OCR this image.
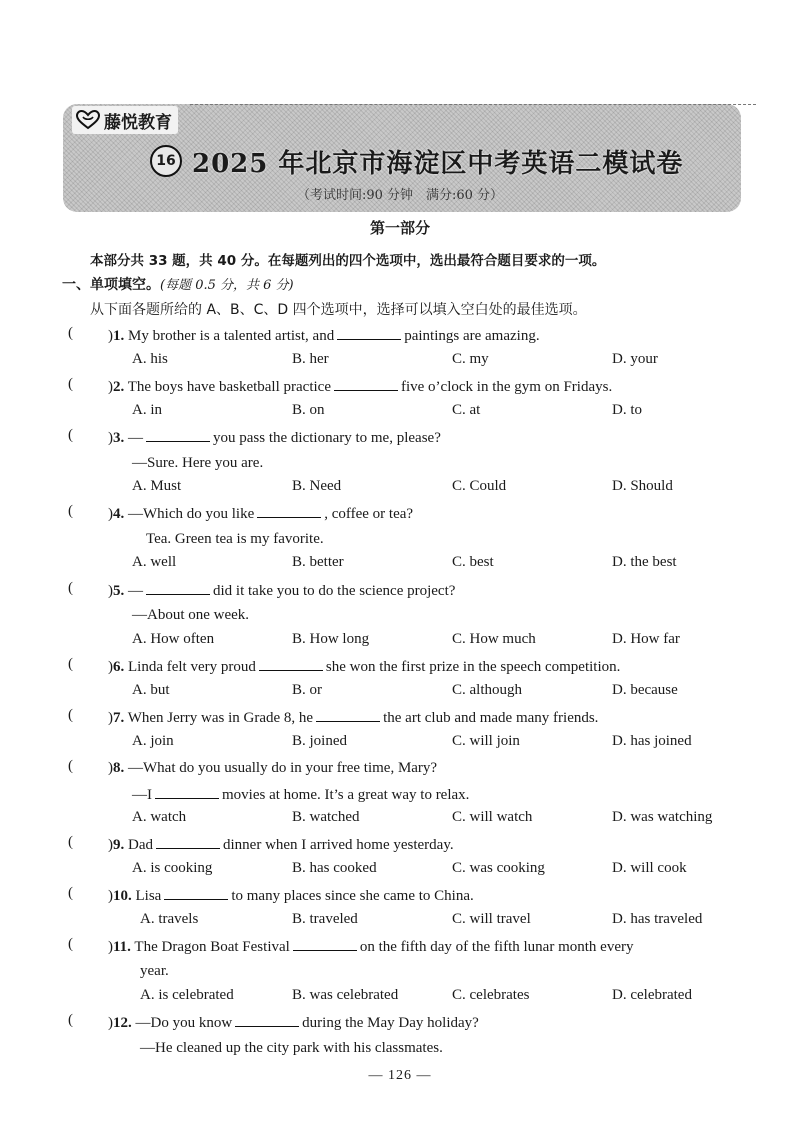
藤悦教育
16 2025 年北京市海淀区中考英语二模试卷
（考试时间:90 分钟　满分:60 分）
第一部分
本部分共 33 题，共 40 分。在每题列出的四个选项中，选出最符合题目要求的一项。
一、单项填空。(每题 0.5 分，共 6 分)
从下面各题所给的 A、B、C、D 四个选项中，选择可以填入空白处的最佳选项。
( )1. My brother is a talented artist, and	paintings are amazing.
A. his	B. her	C. my	D. your
( )2. The boys have basketball practice	five o’clock in the gym on Fridays.
A. in	B. on	C. at	D. to
( )3. —	you pass the dictionary to me, please?
—Sure. Here you are.
A. Must	B. Need	C. Could	D. Should
( )4. —Which do you like	, coffee or tea?
Tea. Green tea is my favorite.
A. well	B. better	C. best	D. the best
( )5. —	did it take you to do the science project?
—About one week.
A. How often	B. How long	C. How much	D. How far
( )6. Linda felt very proud	she won the first prize in the speech competition.
A. but	B. or	C. although	D. because
( )7. When Jerry was in Grade 8, he	the art club and made many friends.
A. join	B. joined	C. will join	D. has joined
( )8. —What do you usually do in your free time, Mary?
—I	movies at home. It’s a great way to relax.
A. watch	B. watched	C. will watch	D. was watching
( )9. Dad	dinner when I arrived home yesterday.
A. is cooking	B. has cooked	C. was cooking	D. will cook
( )10. Lisa	to many places since she came to China.
A. travels	B. traveled	C. will travel	D. has traveled
( )11. The Dragon Boat Festival	on the fifth day of the fifth lunar month every
year.
A. is celebrated	B. was celebrated	C. celebrates	D. celebrated
( )12. —Do you know	during the May Day holiday?
—He cleaned up the city park with his classmates.
— 126 —
